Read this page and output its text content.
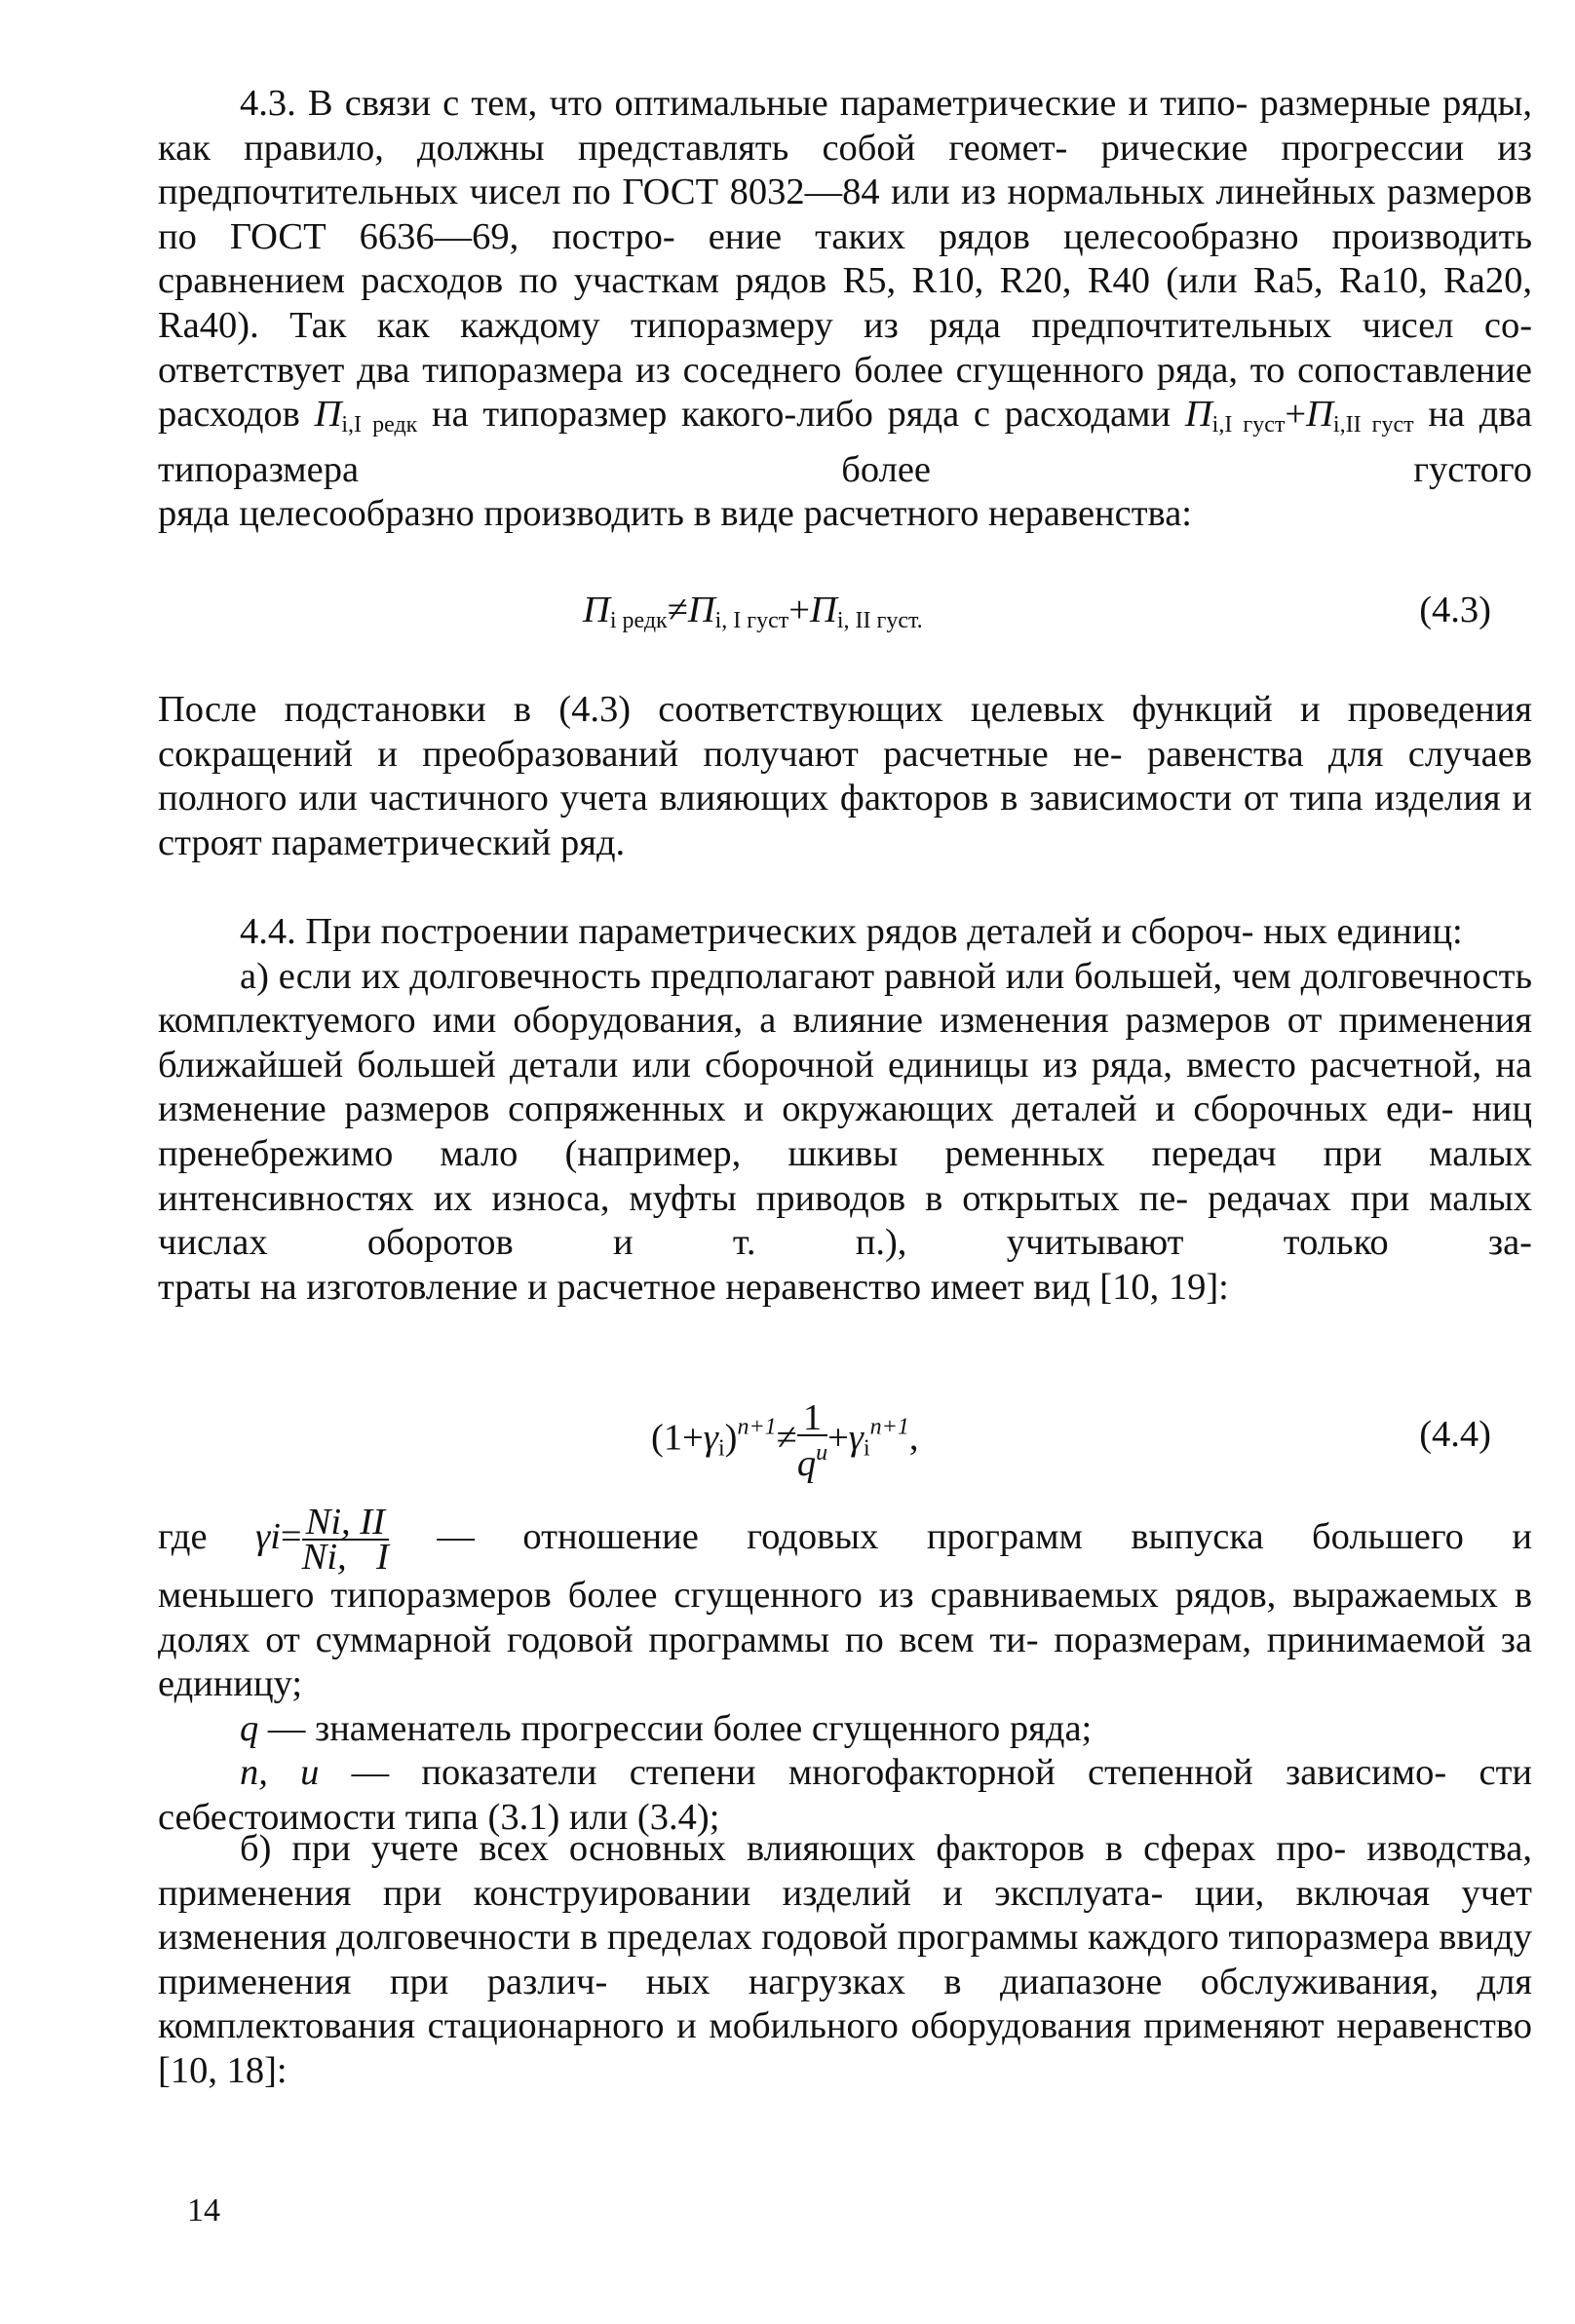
4.3. В связи с тем, что оптимальные параметрические и типо- размерные ряды, как правило, должны представлять собой геомет- рические прогрессии из предпочтительных чисел по ГОСТ 8032—84 или из нормальных линейных размеров по ГОСТ 6636—69, постро- ение таких рядов целесообразно производить сравнением расходов по участкам рядов R5, R10, R20, R40 (или Ra5, Ra10, Ra20, Ra40). Так как каждому типоразмеру из ряда предпочтительных чисел со- ответствует два типоразмера из соседнего более сгущенного ряда, то сопоставление расходов $П_{i,I редк}$ на типоразмер какого-либо ряда с расходами $П_{i,I густ}+П_{i,II густ}$ на два типоразмера более густого

ряда целесообразно производить в виде расчетного неравенства:

$П_{i редк}\ne П_{i, I густ}+П_{i, II густ.}$	(4.3)

После подстановки в (4.3) соответствующих целевых функций и проведения сокращений и преобразований получают расчетные не- равенства для случаев полного или частичного учета влияющих факторов в зависимости от типа изделия и строят параметрический ряд.

4.4. При построении параметрических рядов деталей и сбороч- ных единиц:

а) если их долговечность предполагают равной или большей, чем долговечность комплектуемого ими оборудования, а влияние изменения размеров от применения ближайшей большей детали или сборочной единицы из ряда, вместо расчетной, на изменение размеров сопряженных и окружающих деталей и сборочных еди- ниц пренебрежимо мало (например, шкивы ременных передач при малых интенсивностях их износа, муфты приводов в открытых пе- редачах при малых числах оборотов и т. п.), учитывают только за-

траты на изготовление и расчетное неравенство имеет вид [10, 19]:

$(1+\gamma_i)^{n+1}\ne \frac{1}{q^u} +\gamma_i^{n+1}$,	(4.4)

где $\gamma i= \frac{Ni, II}{Ni, I}$ — отношение годовых программ выпуска большего и

меньшего типоразмеров более сгущенного из сравниваемых рядов, выражаемых в долях от суммарной годовой программы по всем ти- поразмерам, принимаемой за единицу;

q — знаменатель прогрессии более сгущенного ряда;

n, u — показатели степени многофакторной степенной зависимо- сти себестоимости типа (3.1) или (3.4);

б) при учете всех основных влияющих факторов в сферах про- изводства, применения при конструировании изделий и эксплуата- ции, включая учет изменения долговечности в пределах годовой программы каждого типоразмера ввиду применения при различ- ных нагрузках в диапазоне обслуживания, для комплектования стационарного и мобильного оборудования применяют неравенство

[10, 18]:

14
